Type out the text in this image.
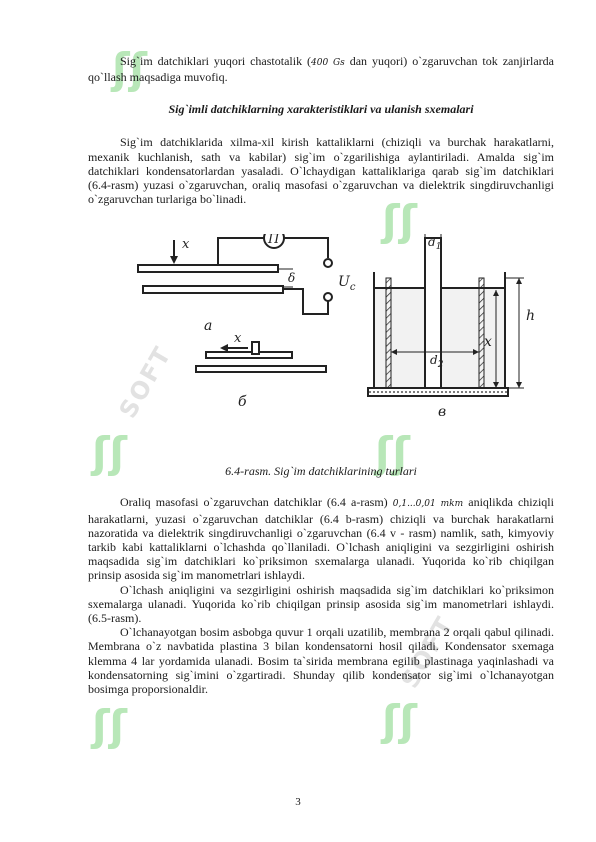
ʃʃ
ʃʃ
ʃʃ
SOFT
ʃʃ
ʃʃ	ʃʃ
SOFT

Sig`im datchiklari yuqori chastotalik (400 Gs dan yuqori) o`zgaruvchan tok zanjirlarda qo`llash maqsadiga muvofiq.

Sig`imli datchiklarning xarakteristiklari va ulanish sxemalari

Sig`im datchiklarida xilma-xil kirish kattaliklarni (chiziqli va burchak harakatlarni, mexanik kuchlanish, sath va kabilar) sig`im o`zgarilishiga aylantiriladi. Amalda sig`im datchiklari kondensatorlardan yasaladi. O`lchaydigan kattaliklariga qarab sig`im datchiklari (6.4-rasm) yuzasi o`zgaruvchan, oraliq masofasi o`zgaruvchan va dielektrik singdiruvchanligi o`zgaruvchan turlariga bo`linadi.

x	П
δ	$U_c$
a
x
б
$d_1$
$d_2$
h
x
в
6.4-rasm. Sig`im datchiklarining turlari

Oraliq masofasi o`zgaruvchan datchiklar (6.4 a-rasm) 0,1...0,01 mkm aniqlikda chiziqli harakatlarni, yuzasi o`zgaruvchan datchiklar (6.4 b-rasm) chiziqli va burchak harakatlarni nazoratida va dielektrik singdiruvchanligi o`zgaruvchan (6.4 v - rasm) namlik, sath, kimyoviy tarkib kabi kattaliklarni o`lchashda qo`llaniladi. O`lchash aniqligini va sezgirligini oshirish maqsadida sig`im datchiklari ko`priksimon sxemalarga ulanadi. Yuqorida ko`rib chiqilgan prinsip asosida sig`im manometrlari ishlaydi.

O`lchash aniqligini va sezgirligini oshirish maqsadida sig`im datchiklari ko`priksimon sxemalarga ulanadi. Yuqorida ko`rib chiqilgan prinsip asosida sig`im manometrlari ishlaydi. (6.5-rasm).

O`lchanayotgan bosim asbobga quvur 1 orqali uzatilib, membrana 2 orqali qabul qilinadi. Membrana o`z navbatida plastina 3 bilan kondensatorni hosil qiladi. Kondensator sxemaga klemma 4 lar yordamida ulanadi. Bosim ta`sirida membrana egilib plastinaga yaqinlashadi va kondensatorning sig`imini o`zgartiradi. Shunday qilib kondensator sig`imi o`lchanayotgan bosimga proporsionaldir.

3
